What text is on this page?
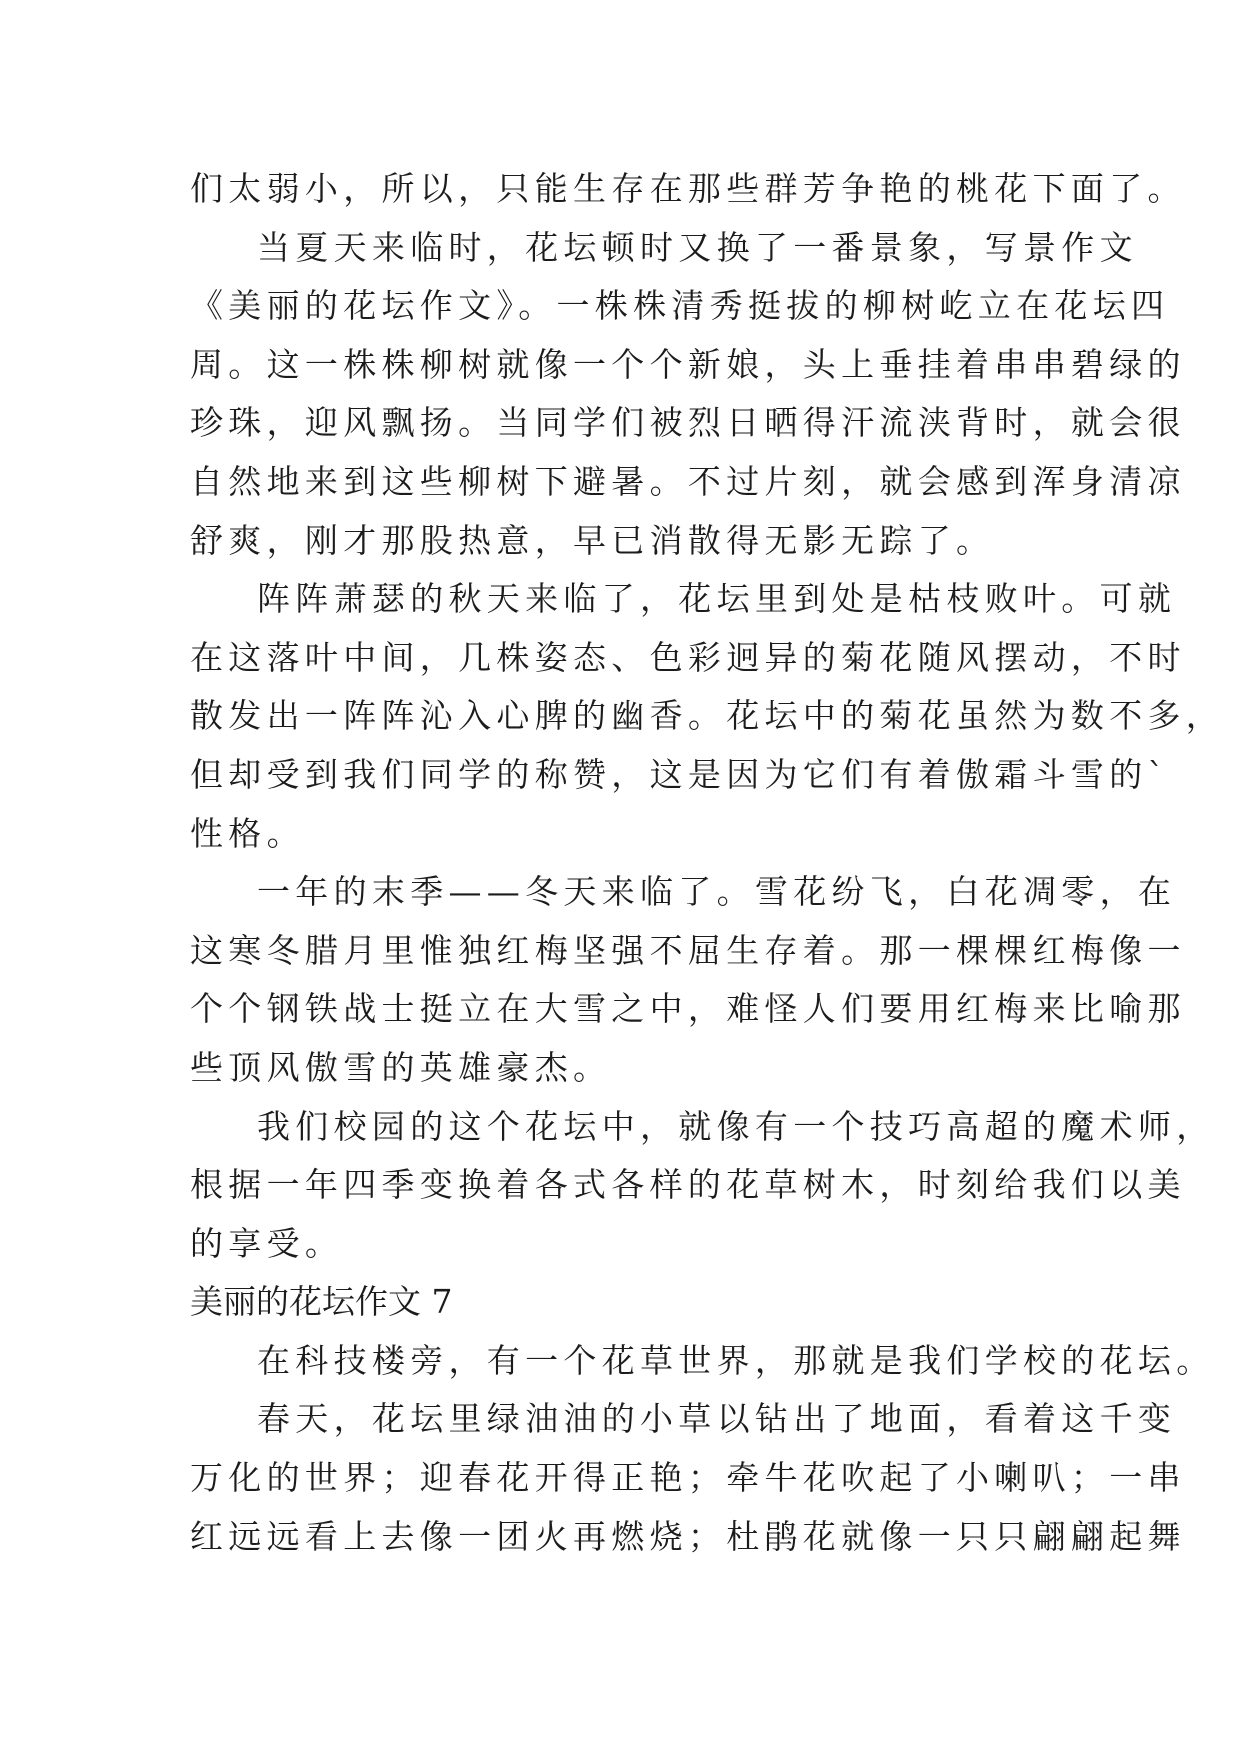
们太弱小，所以，只能生存在那些群芳争艳的桃花下面了。
当夏天来临时，花坛顿时又换了一番景象，写景作文
《美丽的花坛作文》。一株株清秀挺拔的柳树屹立在花坛四
周。这一株株柳树就像一个个新娘，头上垂挂着串串碧绿的
珍珠，迎风飘扬。当同学们被烈日晒得汗流浃背时，就会很
自然地来到这些柳树下避暑。不过片刻，就会感到浑身清凉
舒爽，刚才那股热意，早已消散得无影无踪了。
阵阵萧瑟的秋天来临了，花坛里到处是枯枝败叶。可就
在这落叶中间，几株姿态、色彩迥异的菊花随风摆动，不时
散发出一阵阵沁入心脾的幽香。花坛中的菊花虽然为数不多，
但却受到我们同学的称赞，这是因为它们有着傲霜斗雪的`
性格。
一年的末季——冬天来临了。雪花纷飞，白花凋零，在
这寒冬腊月里惟独红梅坚强不屈生存着。那一棵棵红梅像一
个个钢铁战士挺立在大雪之中，难怪人们要用红梅来比喻那
些顶风傲雪的英雄豪杰。
我们校园的这个花坛中，就像有一个技巧高超的魔术师，
根据一年四季变换着各式各样的花草树木，时刻给我们以美
的享受。
美丽的花坛作文 7
在科技楼旁，有一个花草世界，那就是我们学校的花坛。
春天，花坛里绿油油的小草以钻出了地面，看着这千变
万化的世界；迎春花开得正艳；牵牛花吹起了小喇叭；一串
红远远看上去像一团火再燃烧；杜鹃花就像一只只翩翩起舞
